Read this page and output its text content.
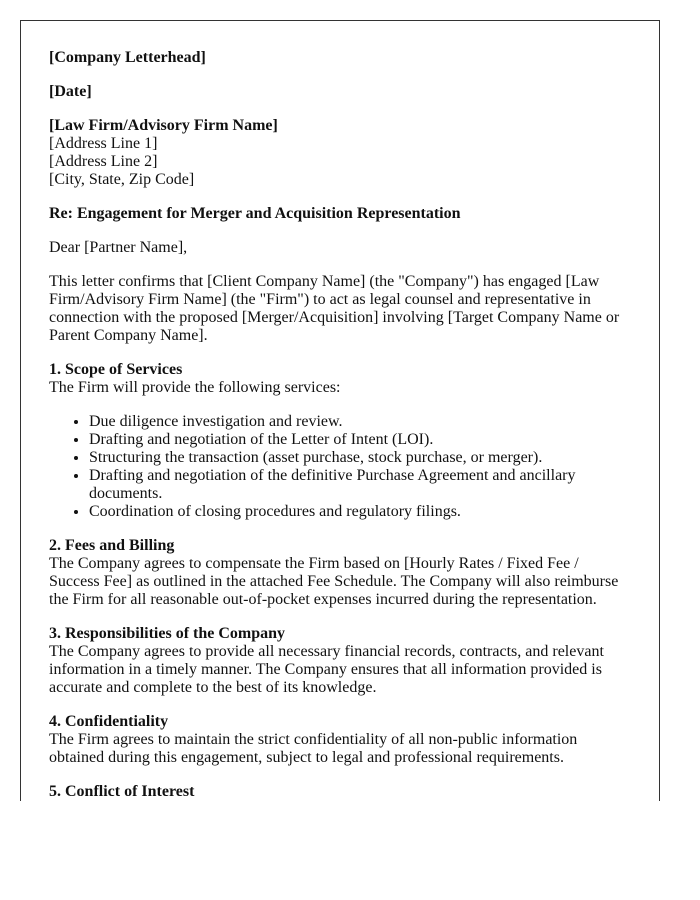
[Company Letterhead]

[Date]

[Law Firm/Advisory Firm Name]
[Address Line 1]
[Address Line 2]
[City, State, Zip Code]

Re: Engagement for Merger and Acquisition Representation

Dear [Partner Name],

This letter confirms that [Client Company Name] (the "Company") has engaged [Law Firm/Advisory Firm Name] (the "Firm") to act as legal counsel and representative in connection with the proposed [Merger/Acquisition] involving [Target Company Name or Parent Company Name].

1. Scope of Services

The Firm will provide the following services:

• Due diligence investigation and review.
• Drafting and negotiation of the Letter of Intent (LOI).
• Structuring the transaction (asset purchase, stock purchase, or merger).
• Drafting and negotiation of the definitive Purchase Agreement and ancillary documents.
• Coordination of closing procedures and regulatory filings.
2. Fees and Billing

The Company agrees to compensate the Firm based on [Hourly Rates / Fixed Fee / Success Fee] as outlined in the attached Fee Schedule. The Company will also reimburse the Firm for all reasonable out-of-pocket expenses incurred during the representation.

3. Responsibilities of the Company

The Company agrees to provide all necessary financial records, contracts, and relevant information in a timely manner. The Company ensures that all information provided is accurate and complete to the best of its knowledge.

4. Confidentiality

The Firm agrees to maintain the strict confidentiality of all non-public information obtained during this engagement, subject to legal and professional requirements.

5. Conflict of Interest
